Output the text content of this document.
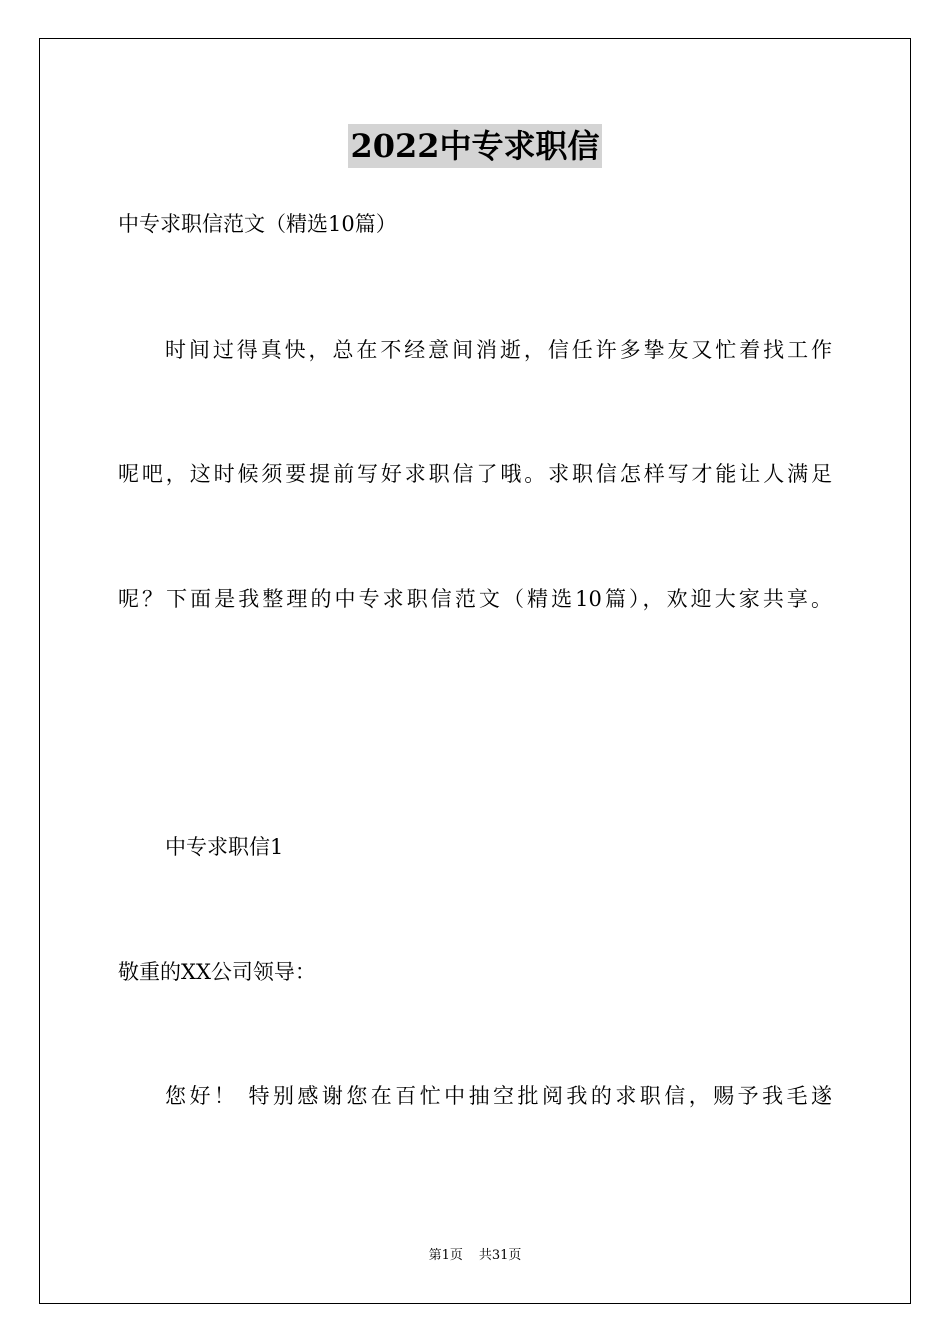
2022中专求职信
中专求职信范文（精选10篇）
时间过得真快，总在不经意间消逝，信任许多挚友又忙着找工作
呢吧，这时候须要提前写好求职信了哦。求职信怎样写才能让人满足
呢？下面是我整理的中专求职信范文（精选10篇），欢迎大家共享。
中专求职信1
敬重的XX公司领导：
您好！ 特别感谢您在百忙中抽空批阅我的求职信，赐予我毛遂
第1页 共31页
